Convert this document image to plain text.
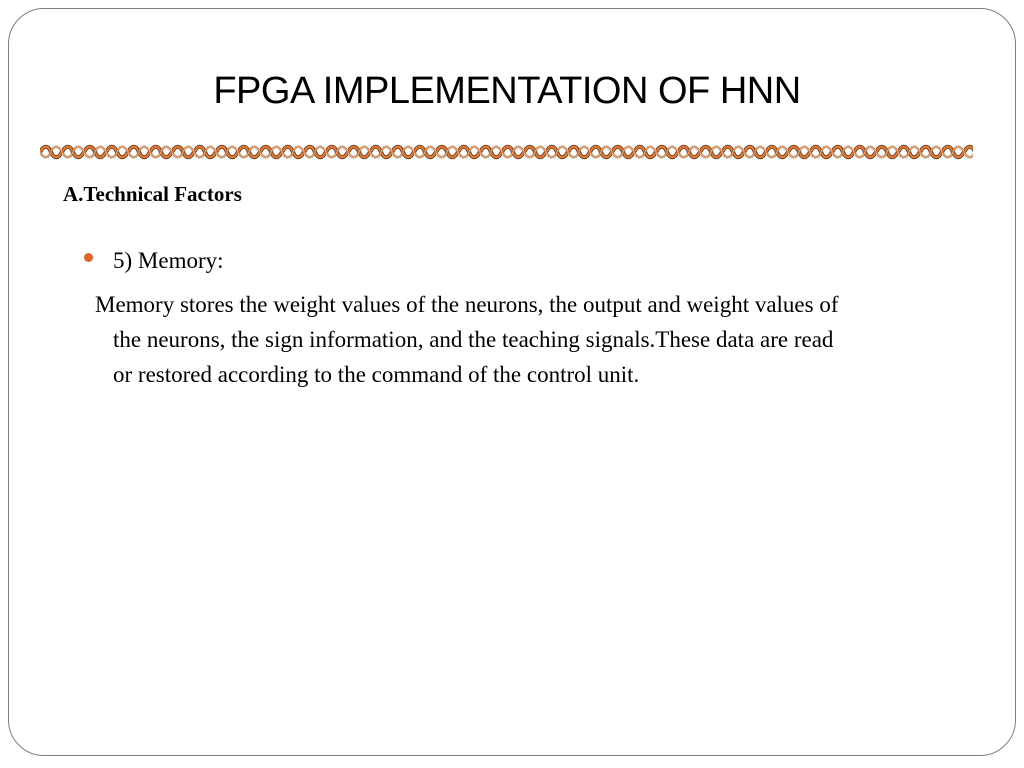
FPGA IMPLEMENTATION OF HNN
A.Technical Factors
5) Memory:
Memory stores the weight values of the neurons, the output and weight values of
the neurons, the sign information, and the teaching signals.These data are read
or restored according to the command of the control unit.
